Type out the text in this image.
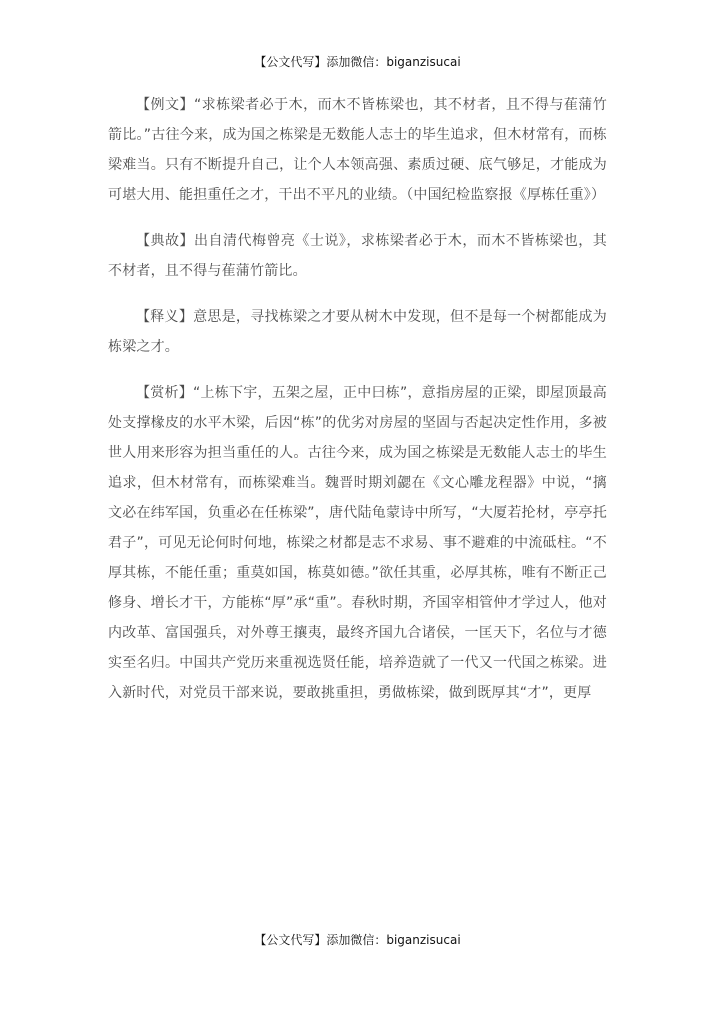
【公文代写】添加微信：biganzisucai

【例文】“求栋梁者必于木，而木不皆栋梁也，其不材者，且不得与萑蒲竹箭比。”古往今来，成为国之栋梁是无数能人志士的毕生追求，但木材常有，而栋梁难当。只有不断提升自己，让个人本领高强、素质过硬、底气够足，才能成为可堪大用、能担重任之才，干出不平凡的业绩。（中国纪检监察报《厚栋任重》）

【典故】出自清代梅曾亮《士说》，求栋梁者必于木，而木不皆栋梁也，其不材者，且不得与萑蒲竹箭比。

【释义】意思是，寻找栋梁之才要从树木中发现，但不是每一个树都能成为栋梁之才。

【赏析】“上栋下宇，五架之屋，正中曰栋”，意指房屋的正梁，即屋顶最高处支撑椽皮的水平木梁，后因“栋”的优劣对房屋的坚固与否起决定性作用，多被世人用来形容为担当重任的人。古往今来，成为国之栋梁是无数能人志士的毕生追求，但木材常有，而栋梁难当。魏晋时期刘勰在《文心雕龙程器》中说，“摛文必在纬军国，负重必在任栋梁”，唐代陆龟蒙诗中所写，“大厦若抡材，亭亭托君子”，可见无论何时何地，栋梁之材都是志不求易、事不避难的中流砥柱。“不厚其栋，不能任重；重莫如国，栋莫如德。”欲任其重，必厚其栋，唯有不断正己修身、增长才干，方能栋“厚”承“重”。春秋时期，齐国宰相管仲才学过人，他对内改革、富国强兵，对外尊王攘夷，最终齐国九合诸侯，一匡天下，名位与才德实至名归。中国共产党历来重视选贤任能，培养造就了一代又一代国之栋梁。进入新时代，对党员干部来说，要敢挑重担，勇做栋梁，做到既厚其“才”，更厚

【公文代写】添加微信：biganzisucai
